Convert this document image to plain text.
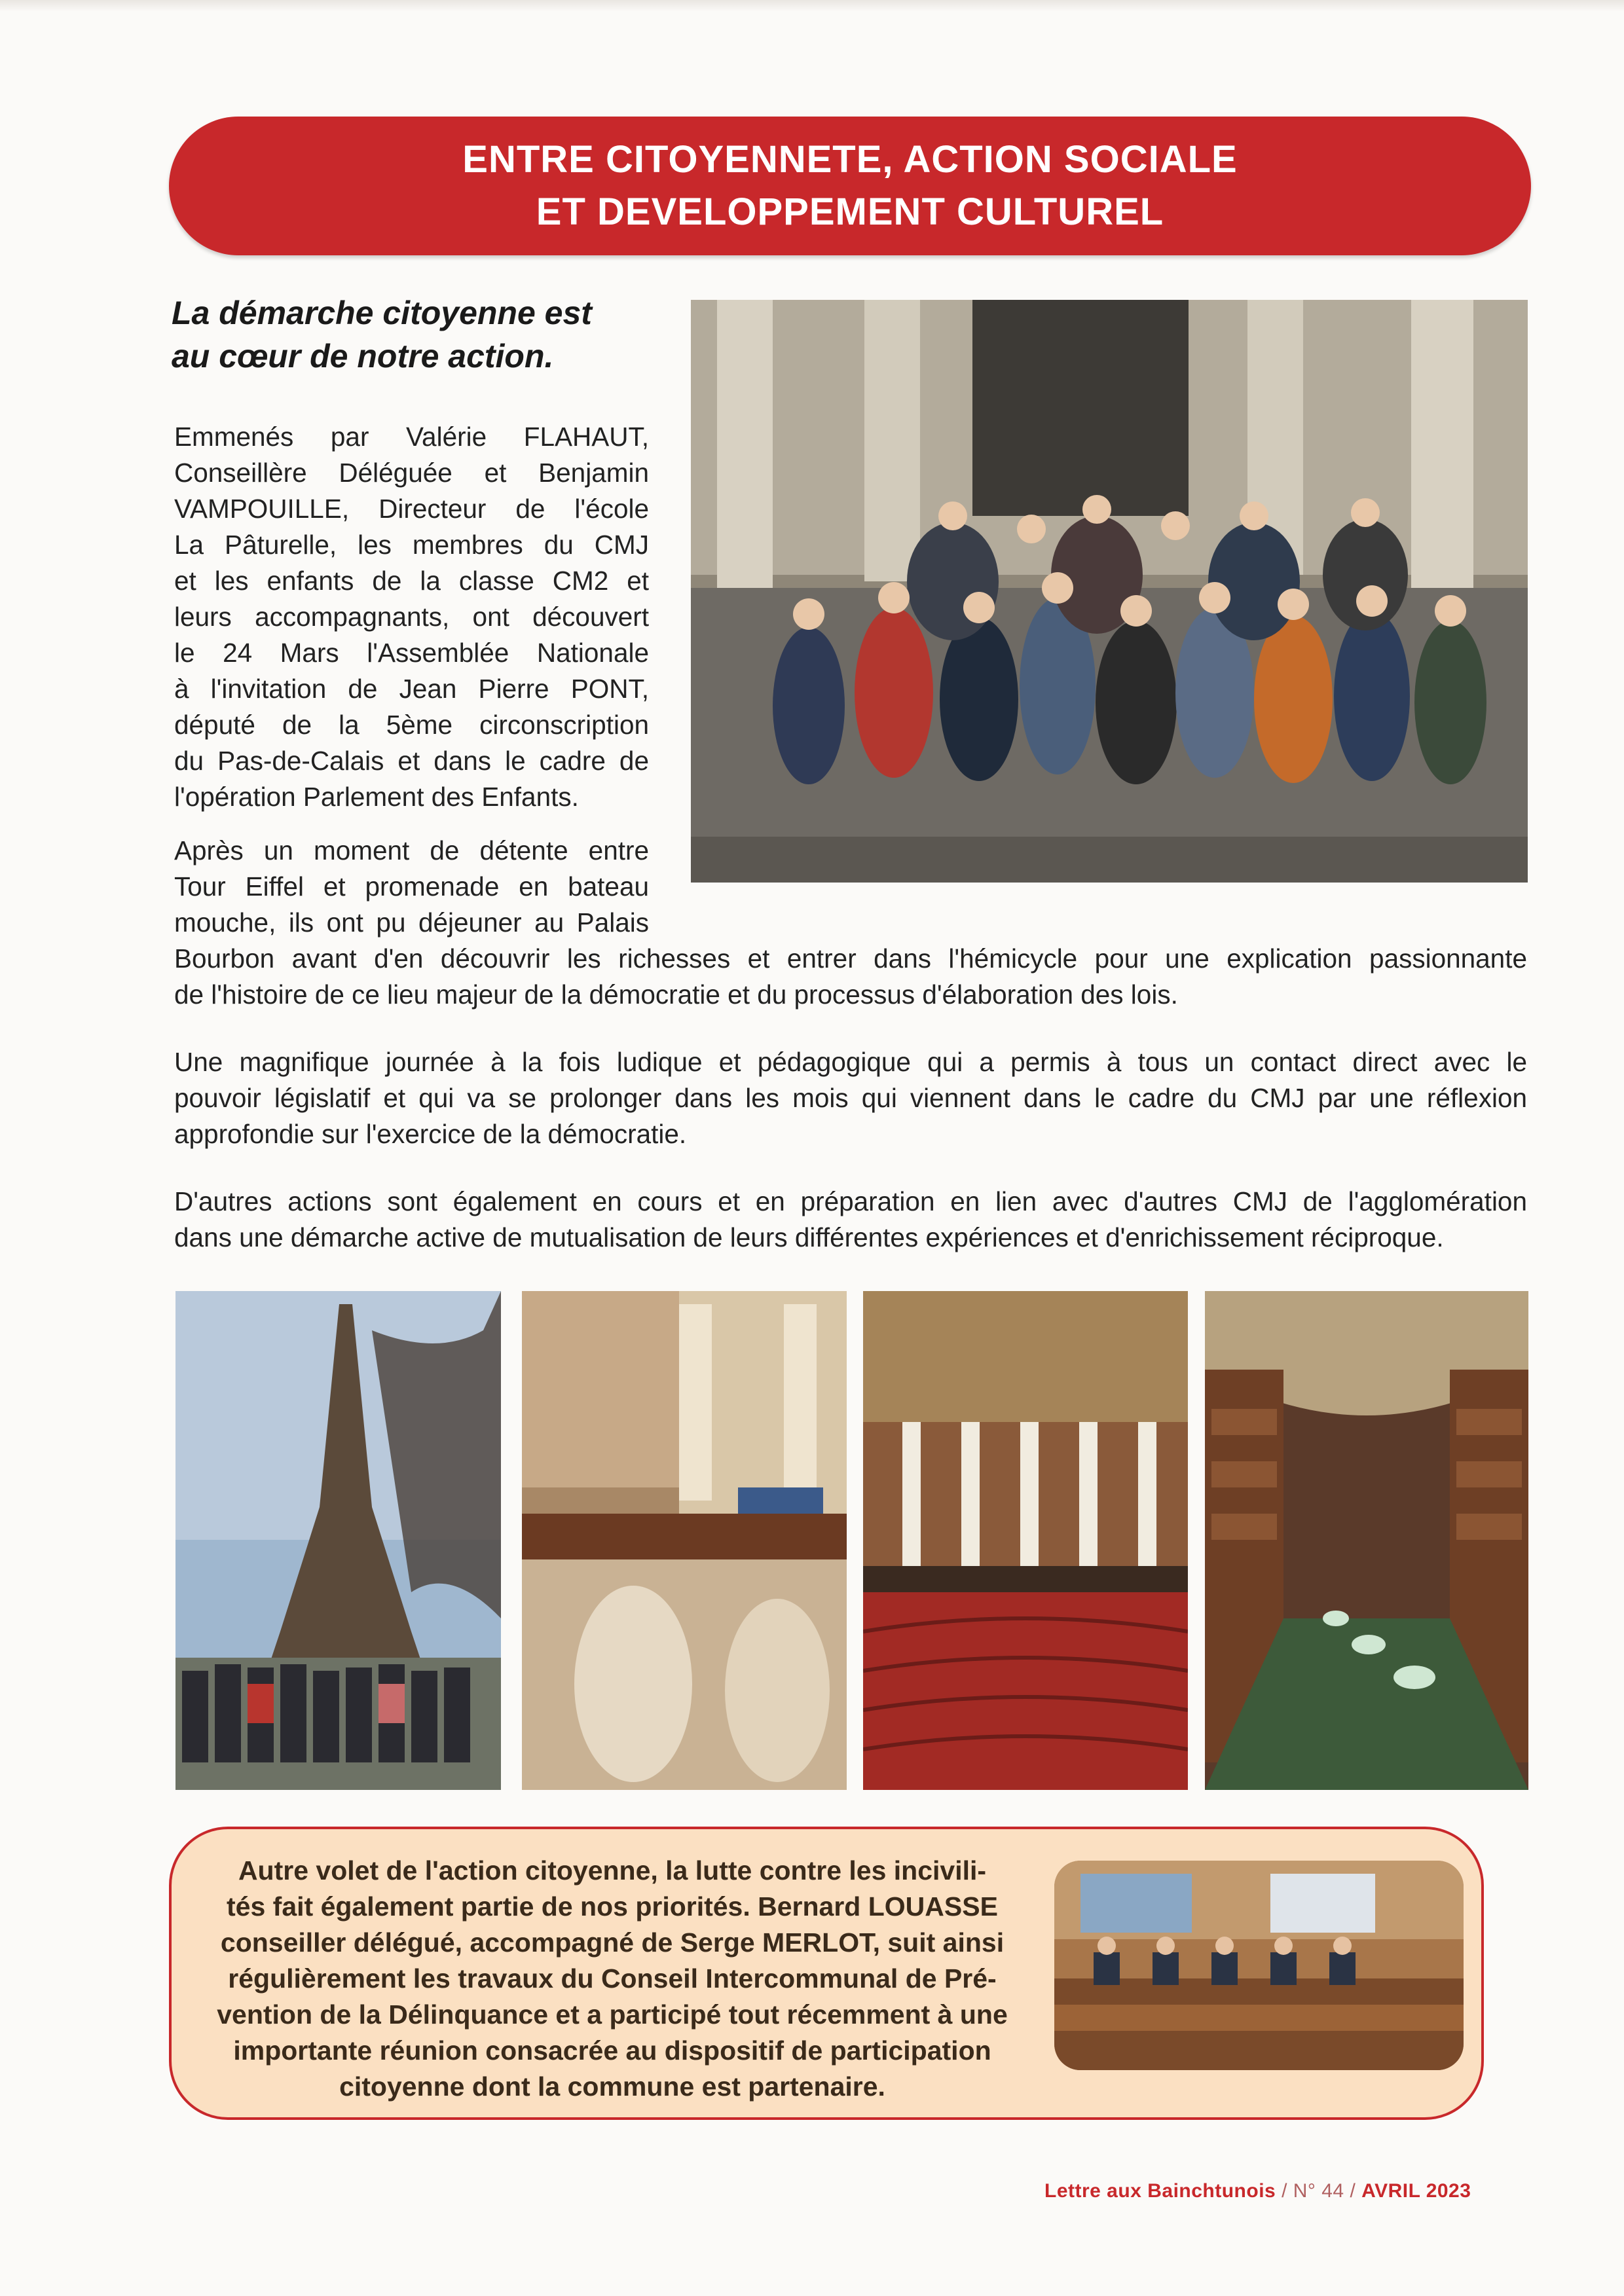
ENTRE CITOYENNETE, ACTION SOCIALE
ET DEVELOPPEMENT CULTUREL
La démarche citoyenne est
au cœur de notre action.
Emmenés par Valérie FLAHAUT,
Conseillère Déléguée et Benjamin
VAMPOUILLE, Directeur de l'école
La Pâturelle, les membres du CMJ
et les enfants de la classe CM2 et
leurs accompagnants, ont découvert
le 24 Mars l'Assemblée Nationale
à l'invitation de Jean Pierre PONT,
député de la 5ème circonscription
du Pas-de-Calais et dans le cadre de
l'opération Parlement des Enfants.
Après un moment de détente entre
Tour Eiffel et promenade en bateau
mouche, ils ont pu déjeuner au Palais
Bourbon avant d'en découvrir les richesses et entrer dans l'hémicycle pour une explication passionnante
de l'histoire de ce lieu majeur de la démocratie et du processus d'élaboration des lois.
Une magnifique journée à la fois ludique et pédagogique qui a permis à tous un contact direct avec le
pouvoir législatif et qui va se prolonger dans les mois qui viennent dans le cadre du CMJ par une réflexion
approfondie sur l'exercice de la démocratie.
D'autres actions sont également en cours et en préparation en lien avec d'autres CMJ de l'agglomération
dans une démarche active de mutualisation de leurs différentes expériences et d'enrichissement réciproque.
Autre volet de l'action citoyenne, la lutte contre les incivili-
tés fait également partie de nos priorités. Bernard LOUASSE
conseiller délégué, accompagné de Serge MERLOT, suit ainsi
régulièrement les travaux du Conseil Intercommunal de Pré-
vention de la Délinquance et a participé tout récemment à une
importante réunion consacrée au dispositif de participation
citoyenne dont la commune est partenaire.
Lettre aux Bainchtunois / N° 44 / AVRIL 2023
